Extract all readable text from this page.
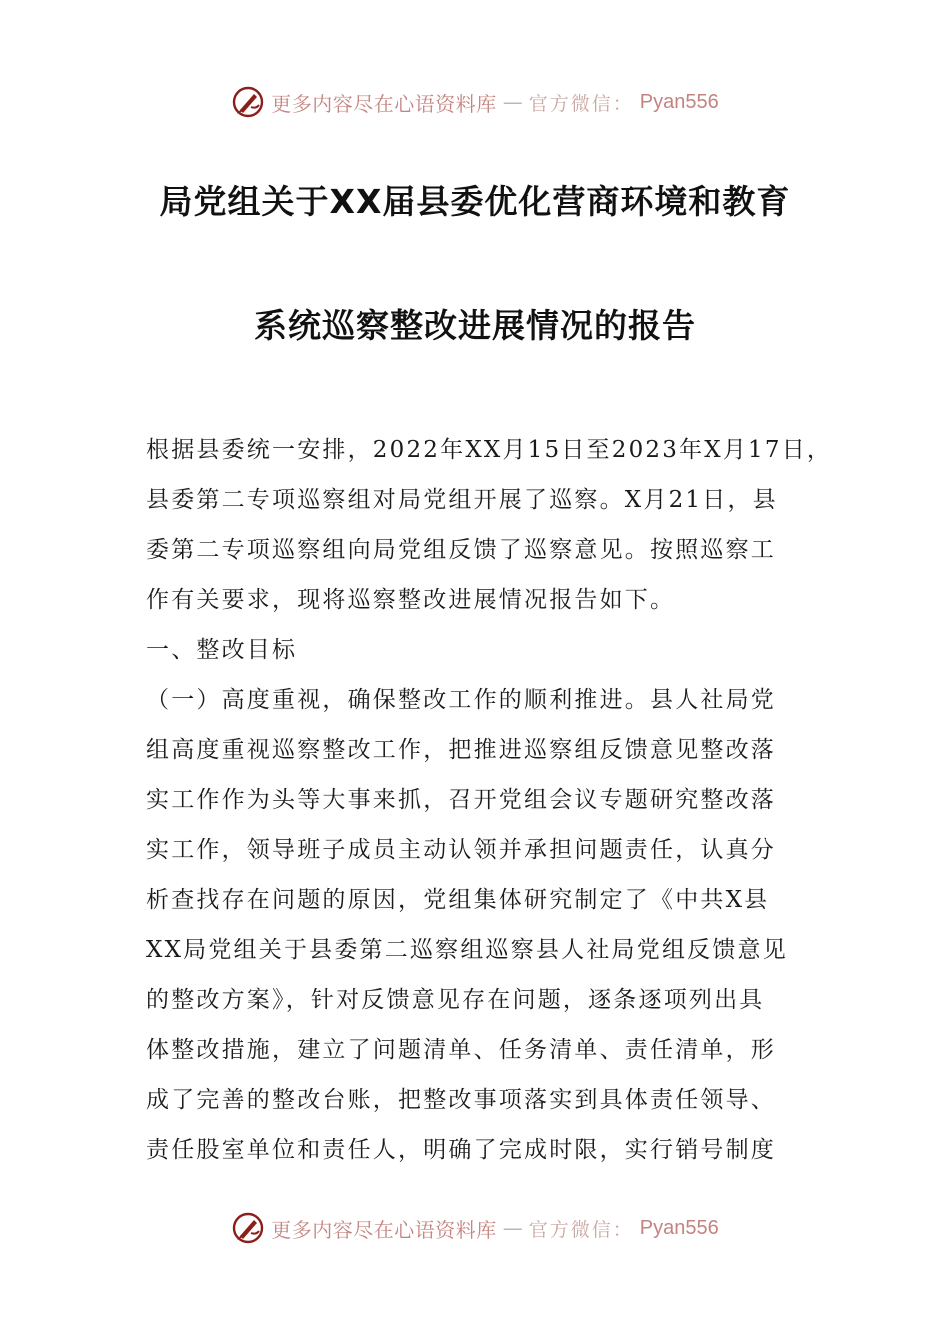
更多内容尽在心语资料库 — 官方微信： Pyan556
局党组关于XX届县委优化营商环境和教育
系统巡察整改进展情况的报告
根据县委统一安排，2022年XX月15日至2023年X月17日，
县委第二专项巡察组对局党组开展了巡察。X月21日，县
委第二专项巡察组向局党组反馈了巡察意见。按照巡察工
作有关要求，现将巡察整改进展情况报告如下。
一、整改目标
（一）高度重视，确保整改工作的顺利推进。县人社局党
组高度重视巡察整改工作，把推进巡察组反馈意见整改落
实工作作为头等大事来抓，召开党组会议专题研究整改落
实工作，领导班子成员主动认领并承担问题责任，认真分
析查找存在问题的原因，党组集体研究制定了《中共X县
XX局党组关于县委第二巡察组巡察县人社局党组反馈意见
的整改方案》，针对反馈意见存在问题，逐条逐项列出具
体整改措施，建立了问题清单、任务清单、责任清单，形
成了完善的整改台账，把整改事项落实到具体责任领导、
责任股室单位和责任人，明确了完成时限，实行销号制度
更多内容尽在心语资料库 — 官方微信： Pyan556
